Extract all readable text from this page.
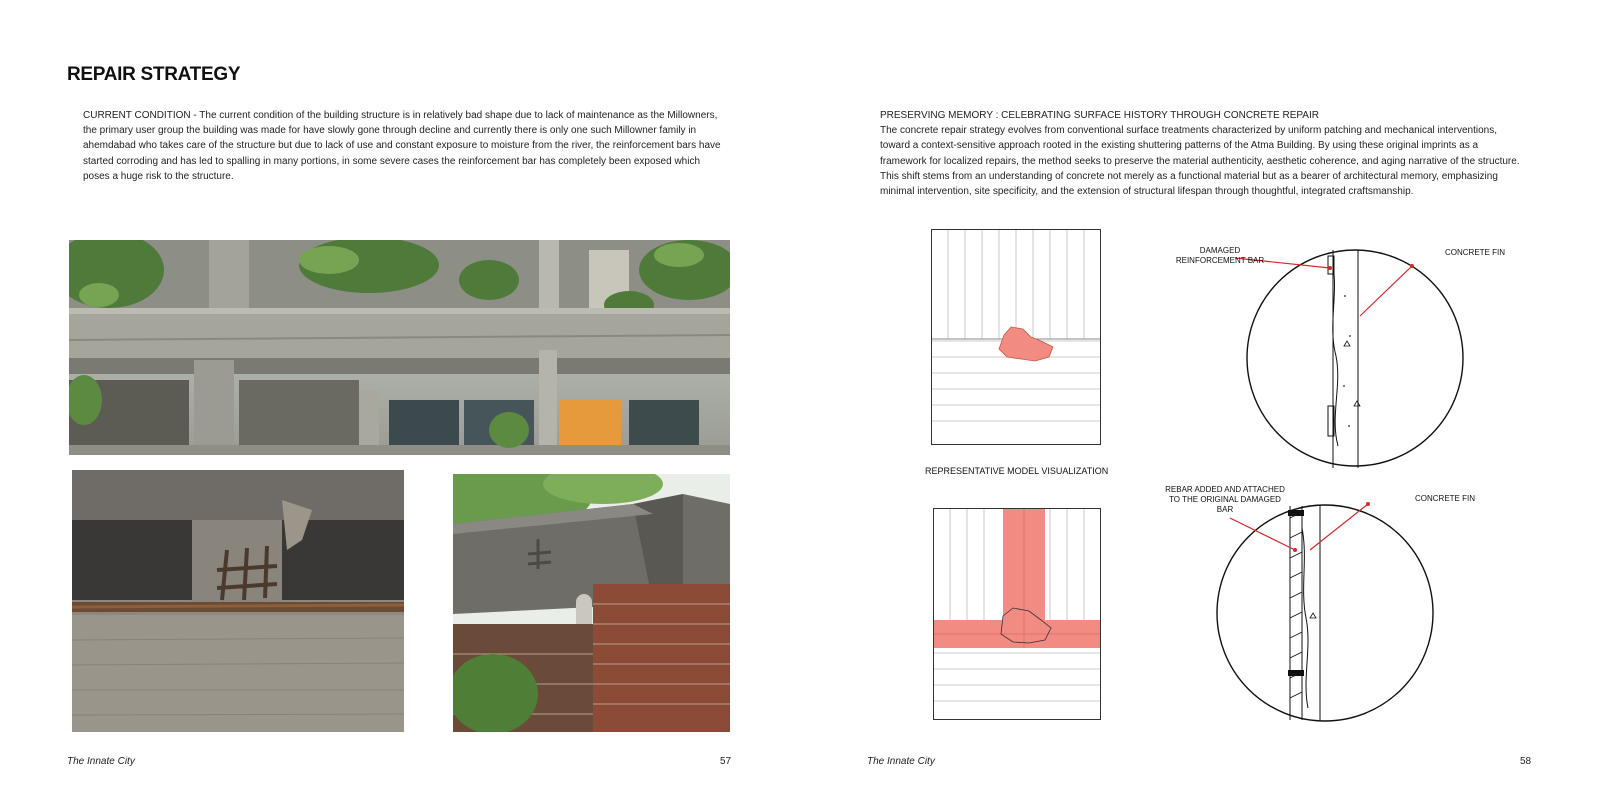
REPAIR STRATEGY

CURRENT CONDITION - The current condition of the building structure is in relatively bad shape due to lack of maintenance as the Millowners, the primary user group the building was made for have slowly gone through decline and currently there is only one such Millowner family in ahemdabad who takes care of the structure but due to lack of use and constant exposure to moisture from the river, the reinforcement bars have started corroding and has led to spalling in many portions, in some severe cases the reinforcement bar has completely been exposed which poses a huge risk to the structure.

The Innate City	57
PRESERVING MEMORY : CELEBRATING SURFACE HISTORY THROUGH CONCRETE REPAIR
The concrete repair strategy evolves from conventional surface treatments characterized by uniform patching and mechanical interventions, toward a context-sensitive approach rooted in the existing shuttering patterns of the Atma Building. By using these original imprints as a framework for localized repairs, the method seeks to preserve the material authenticity, aesthetic coherence, and aging narrative of the structure. This shift stems from an understanding of concrete not merely as a functional material but as a bearer of architectural memory, emphasizing minimal intervention, site specificity, and the extension of structural lifespan through thoughtful, integrated craftsmanship.
REPRESENTATIVE MODEL VISUALIZATION
DAMAGED REINFORCEMENT BAR
CONCRETE FIN
REBAR ADDED AND ATTACHED TO THE ORIGINAL DAMAGED BAR
CONCRETE FIN
The Innate City	58
